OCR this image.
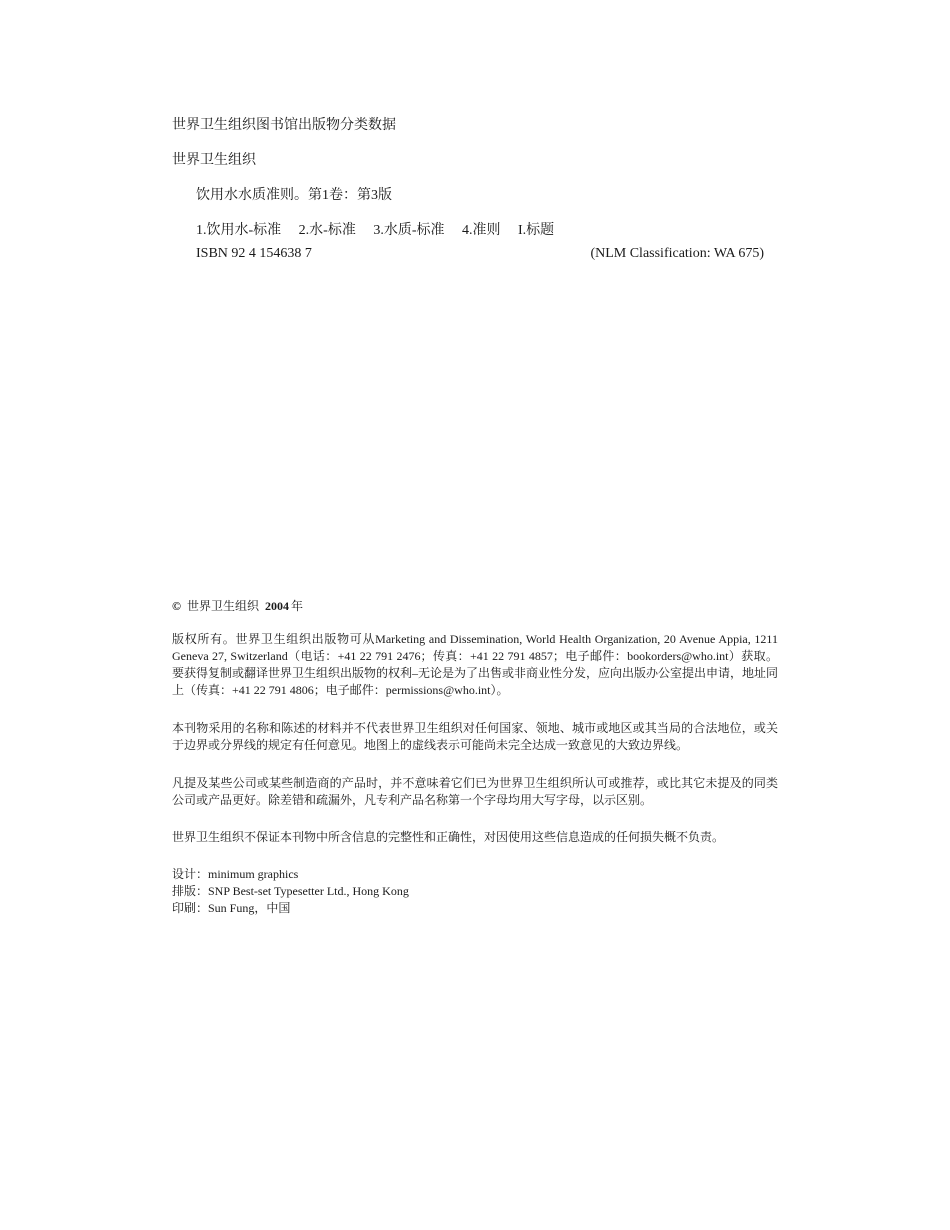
世界卫生组织图书馆出版物分类数据
世界卫生组织
饮用水水质准则。第1卷：第3版
1.饮用水-标准 2.水-标准 3.水质-标准 4.准则 I.标题
ISBN 92 4 154638 7	(NLM Classification: WA 675)
© 世界卫生组织 2004 年
版权所有。世界卫生组织出版物可从Marketing and Dissemination, World Health Organization, 20 Avenue Appia, 1211 Geneva 27, Switzerland（电话：+41 22 791 2476；传真：+41 22 791 4857；电子邮件：bookorders@who.int）获取。要获得复制或翻译世界卫生组织出版物的权利–无论是为了出售或非商业性分发，应向出版办公室提出申请，地址同上（传真：+41 22 791 4806；电子邮件：permissions@who.int）。
本刊物采用的名称和陈述的材料并不代表世界卫生组织对任何国家、领地、城市或地区或其当局的合法地位，或关于边界或分界线的规定有任何意见。地图上的虚线表示可能尚未完全达成一致意见的大致边界线。
凡提及某些公司或某些制造商的产品时，并不意味着它们已为世界卫生组织所认可或推荐，或比其它未提及的同类公司或产品更好。除差错和疏漏外，凡专利产品名称第一个字母均用大写字母，以示区别。
世界卫生组织不保证本刊物中所含信息的完整性和正确性，对因使用这些信息造成的任何损失概不负责。
设计：minimum graphics
排版：SNP Best-set Typesetter Ltd., Hong Kong
印刷：Sun Fung，中国
